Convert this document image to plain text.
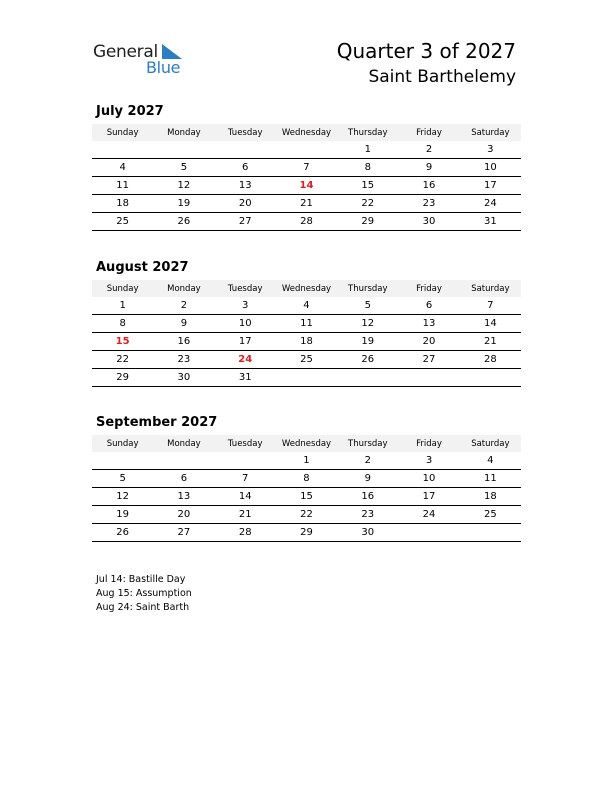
General
Blue
Quarter 3 of 2027
Saint Barthelemy
July 2027
Sunday	Monday	Tuesday	Wednesday	Thursday	Friday	Saturday
				1	2	3
4	5	6	7	8	9	10
11	12	13	14	15	16	17
18	19	20	21	22	23	24
25	26	27	28	29	30	31
August 2027
Sunday	Monday	Tuesday	Wednesday	Thursday	Friday	Saturday
1	2	3	4	5	6	7
8	9	10	11	12	13	14
15	16	17	18	19	20	21
22	23	24	25	26	27	28
29	30	31				
September 2027
Sunday	Monday	Tuesday	Wednesday	Thursday	Friday	Saturday
			1	2	3	4
5	6	7	8	9	10	11
12	13	14	15	16	17	18
19	20	21	22	23	24	25
26	27	28	29	30		
Jul 14: Bastille Day
Aug 15: Assumption
Aug 24: Saint Barth
